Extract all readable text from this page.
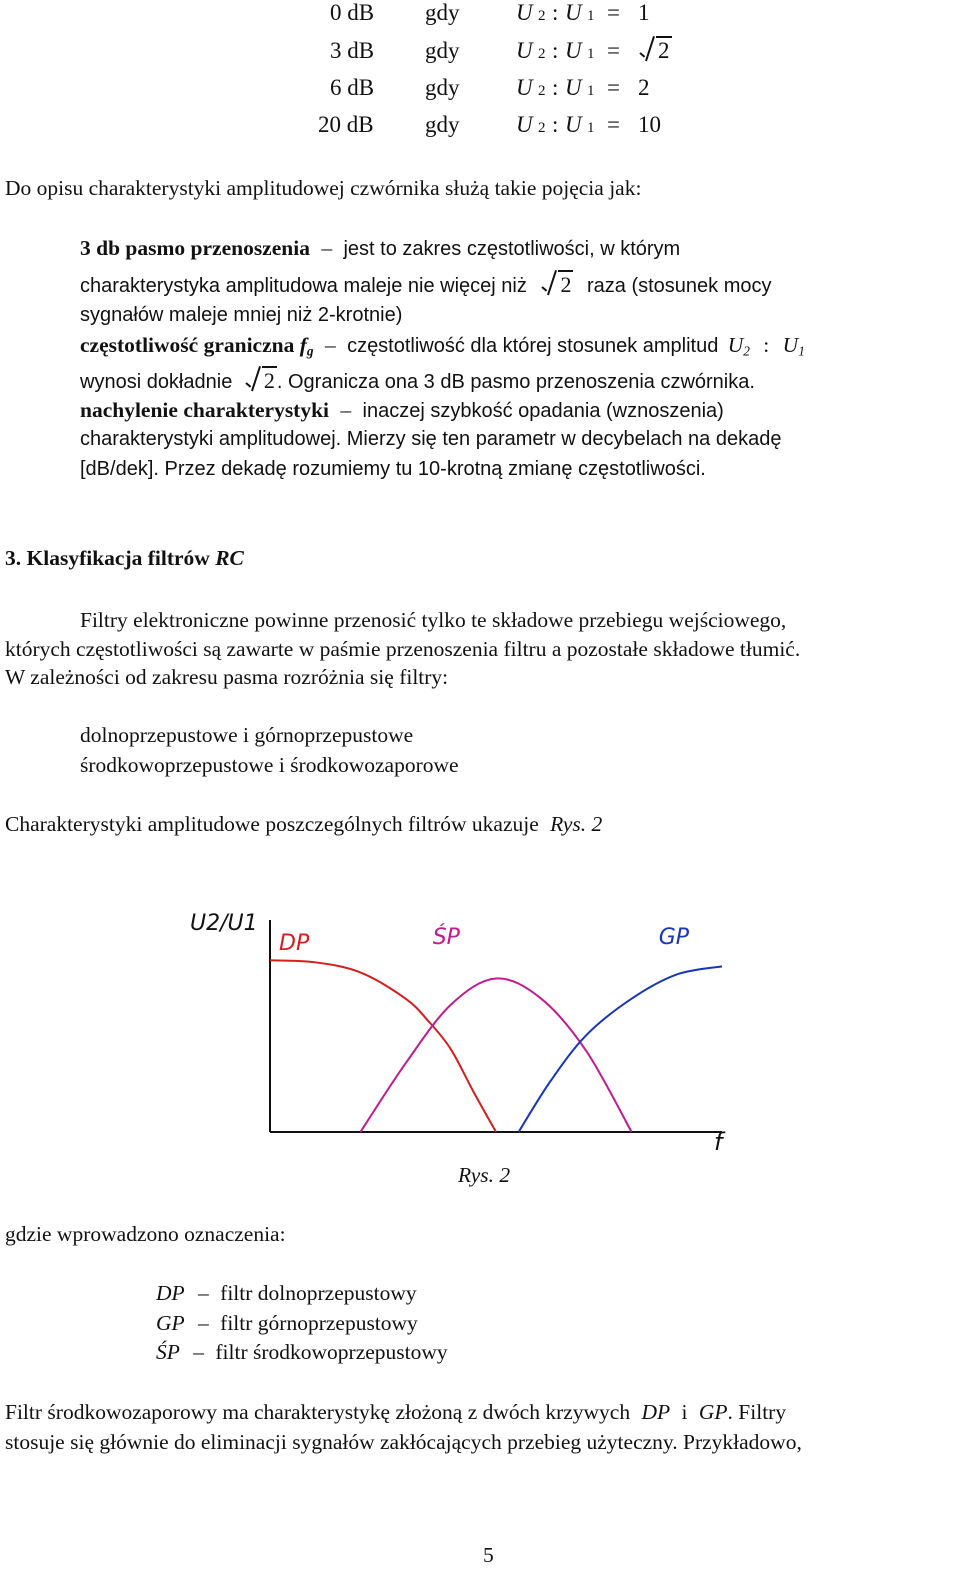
0 dB gdy U 2 : U 1 = 1
3 dB gdy U 2 : U 1 =	2
6 dB gdy U 2 : U 1 = 2
20 dB gdy U 2 : U 1 = 10
Do opisu charakterystyki amplitudowej czwórnika służą takie pojęcia jak:
3 db pasmo przenoszenia – jest to zakres częstotliwości, w którym
charakterystyka amplitudowa maleje nie więcej niż 2 raza (stosunek mocy
sygnałów maleje mniej niż 2-krotnie)
częstotliwość graniczna $f_g$ – częstotliwość dla której stosunek amplitud $U_2$ : $U_1$
wynosi dokładnie 2 . Ogranicza ona 3 dB pasmo przenoszenia czwórnika.
nachylenie charakterystyki – inaczej szybkość opadania (wznoszenia)
charakterystyki amplitudowej. Mierzy się ten parametr w decybelach na dekadę
[dB/dek]. Przez dekadę rozumiemy tu 10-krotną zmianę częstotliwości.
3. Klasyfikacja filtrów RC
Filtry elektroniczne powinne przenosić tylko te składowe przebiegu wejściowego,
których częstotliwości są zawarte w paśmie przenoszenia filtru a pozostałe składowe tłumić.
W zależności od zakresu pasma rozróżnia się filtry:
dolnoprzepustowe i górnoprzepustowe
środkowoprzepustowe i środkowozaporowe
Charakterystyki amplitudowe poszczególnych filtrów ukazuje Rys. 2
U2/U1
f
DP	ŚP	GP
Rys. 2
gdzie wprowadzono oznaczenia:
DP – filtr dolnoprzepustowy
GP – filtr górnoprzepustowy
ŚP – filtr środkowoprzepustowy
Filtr środkowozaporowy ma charakterystykę złożoną z dwóch krzywych DP i GP. Filtry
stosuje się głównie do eliminacji sygnałów zakłócających przebieg użyteczny. Przykładowo,
5
